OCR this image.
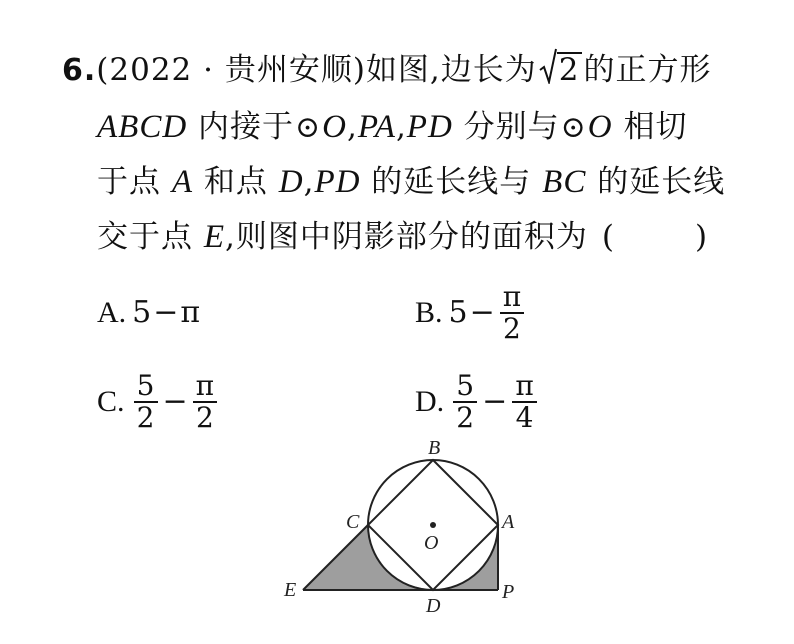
6.(2022 · 贵州安顺)如图,边长为 2 的正方形
ABCD 内接于⊙O,PA,PD 分别与⊙O 相切
于点 A 和点 D,PD 的延长线与 BC 的延长线
交于点 E,则图中阴影部分的面积为 (	)
A. 5 − π	B. $5 - \frac{\pi}{2}$
C. $\frac{5}{2} - \frac{\pi}{2}$	D. $\frac{5}{2} - \frac{\pi}{4}$
B
A
C
O
D
E	P
